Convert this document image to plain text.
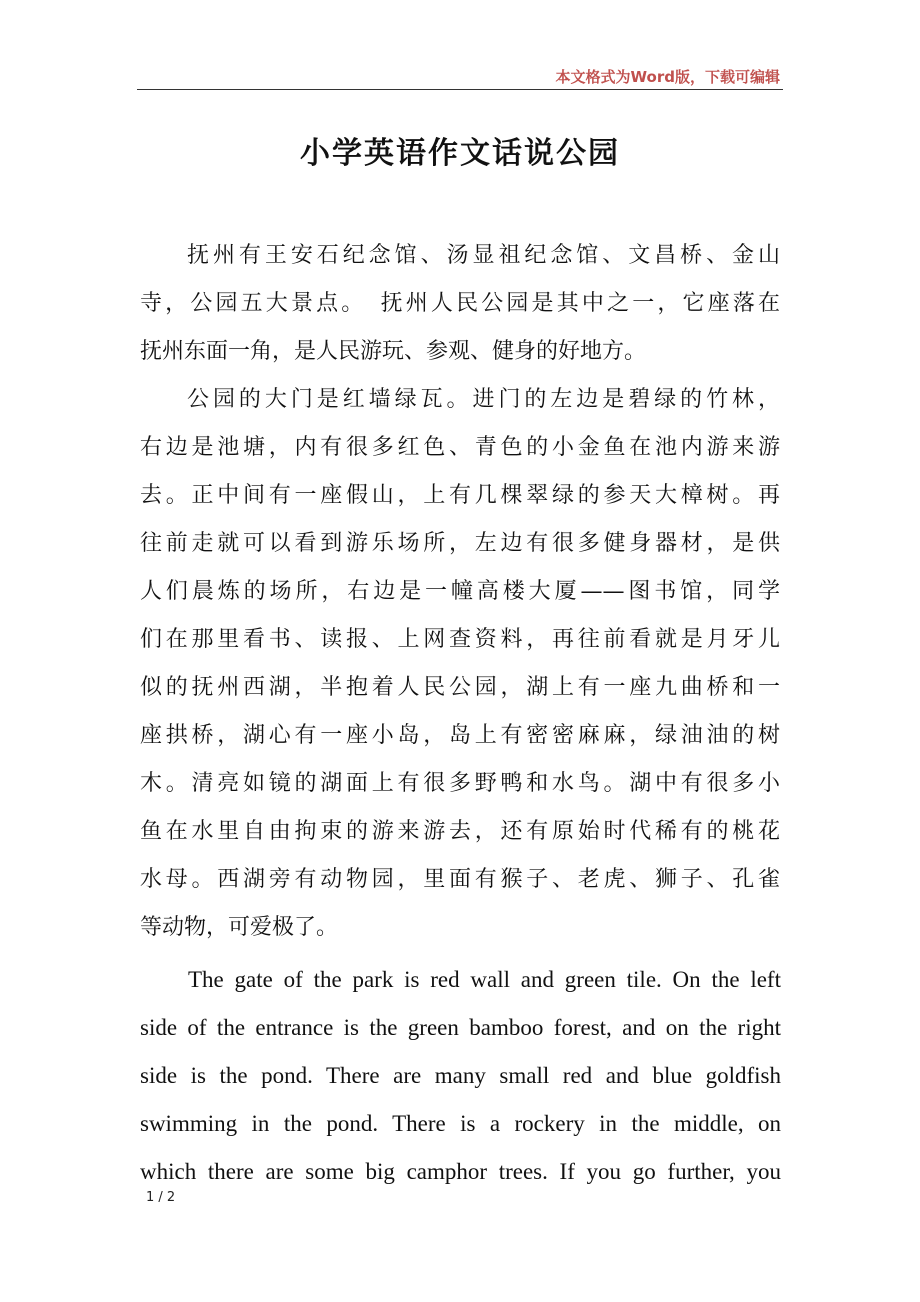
本文格式为Word版，下载可编辑
小学英语作文话说公园
抚州有王安石纪念馆、汤显祖纪念馆、文昌桥、金山
寺，公园五大景点。　抚州人民公园是其中之一，它座落在
抚州东面一角，是人民游玩、参观、健身的好地方。
公园的大门是红墙绿瓦。进门的左边是碧绿的竹林，
右边是池塘，内有很多红色、青色的小金鱼在池内游来游
去。正中间有一座假山，上有几棵翠绿的参天大樟树。再
往前走就可以看到游乐场所，左边有很多健身器材，是供
人们晨炼的场所，右边是一幢高楼大厦——图书馆，同学
们在那里看书、读报、上网查资料，再往前看就是月牙儿
似的抚州西湖，半抱着人民公园，湖上有一座九曲桥和一
座拱桥，湖心有一座小岛，岛上有密密麻麻，绿油油的树
木。清亮如镜的湖面上有很多野鸭和水鸟。湖中有很多小
鱼在水里自由拘束的游来游去，还有原始时代稀有的桃花
水母。西湖旁有动物园，里面有猴子、老虎、狮子、孔雀
等动物，可爱极了。
The gate of the park is red wall and green tile. On the left
side of the entrance is the green bamboo forest, and on the right
side is the pond. There are many small red and blue goldfish
swimming in the pond. There is a rockery in the middle, on
which there are some big camphor trees. If you go further, you
1 / 2
